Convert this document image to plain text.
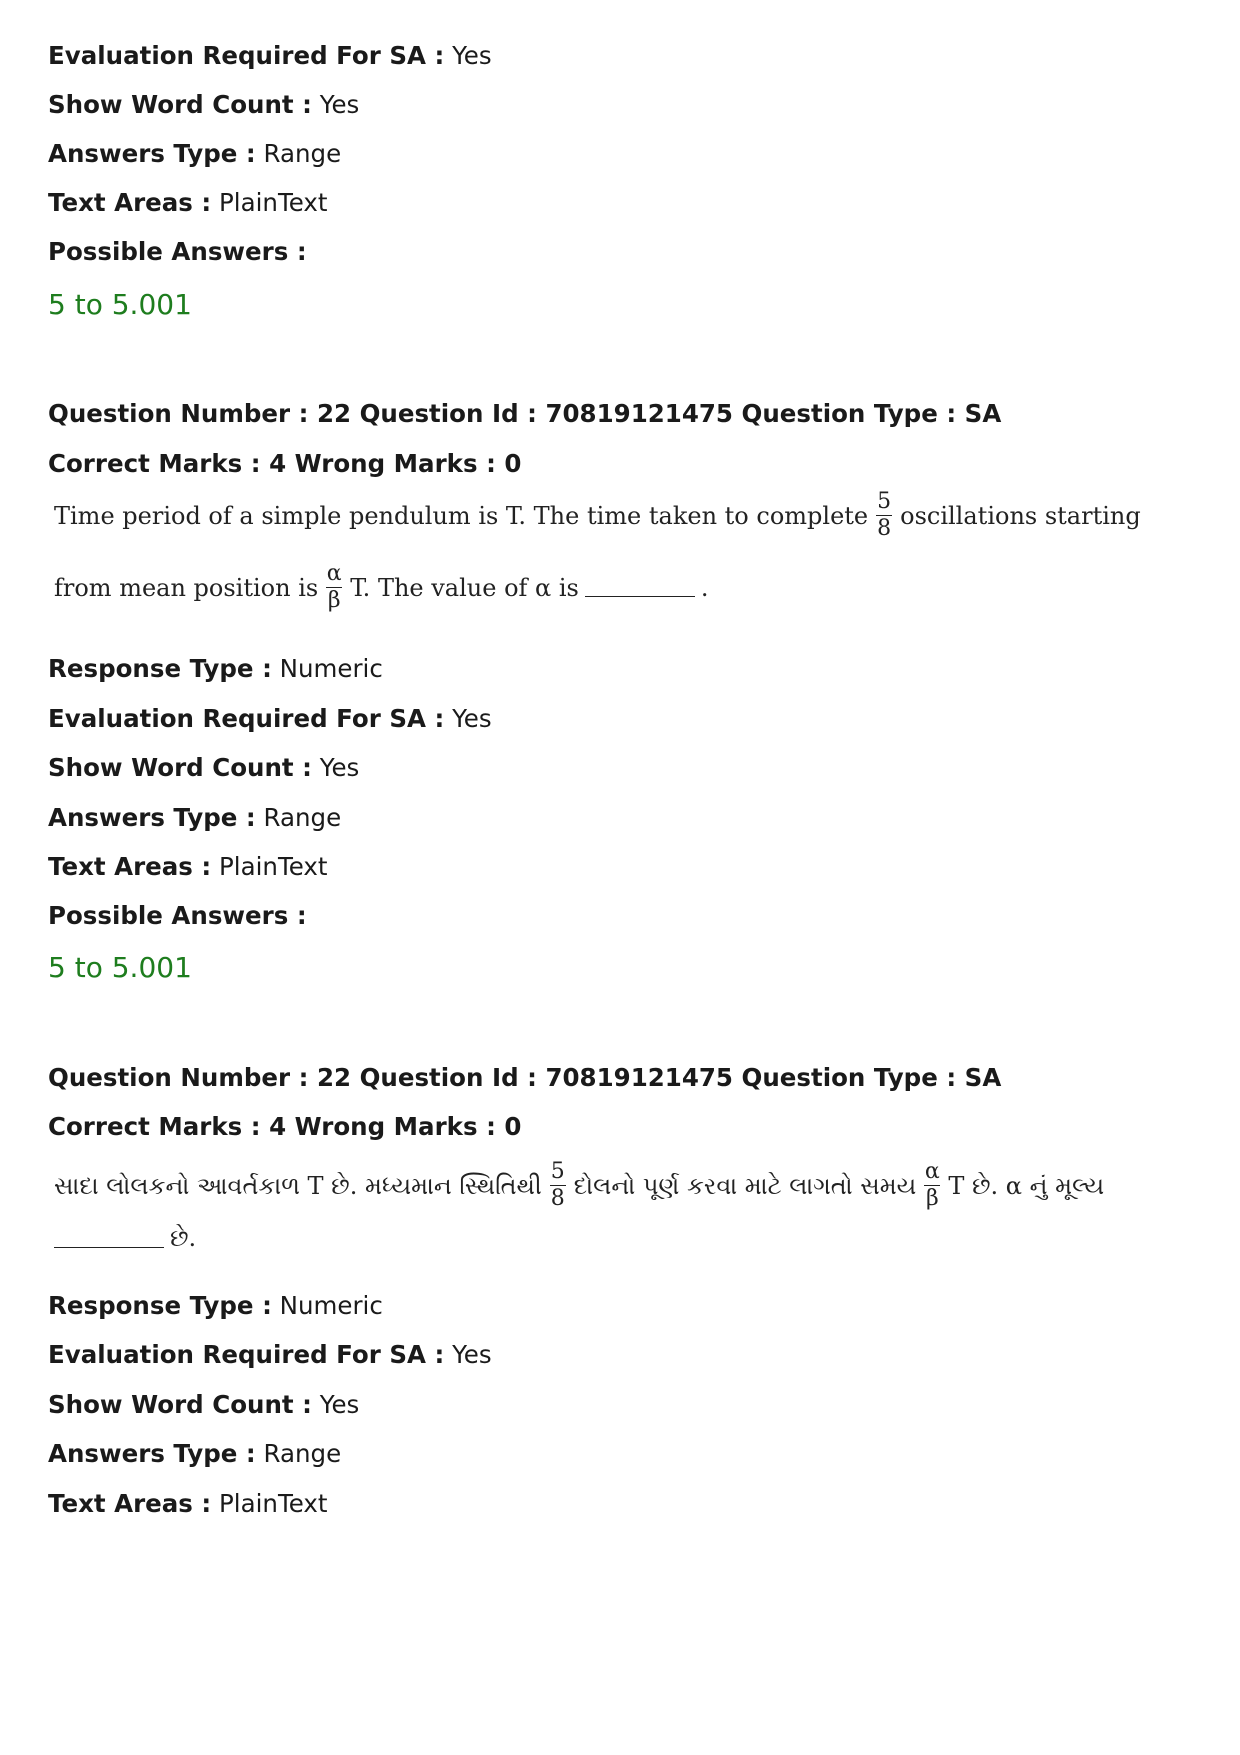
Evaluation Required For SA : Yes
Show Word Count : Yes
Answers Type : Range
Text Areas : PlainText
Possible Answers :
5 to 5.001
Question Number : 22 Question Id : 70819121475 Question Type : SA
Correct Marks : 4 Wrong Marks : 0
Time period of a simple pendulum is T. The time taken to complete $\frac{5}{8}$ oscillations starting
from mean position is $\frac{\alpha}{\beta} T$. The value of α is	.
Response Type : Numeric
Evaluation Required For SA : Yes
Show Word Count : Yes
Answers Type : Range
Text Areas : PlainText
Possible Answers :
5 to 5.001
Question Number : 22 Question Id : 70819121475 Question Type : SA
Correct Marks : 4 Wrong Marks : 0
સાદા લોલકનો આવર્તકાળ T છે. મધ્યમાન સ્થિતિથી $\frac{5}{8}$ દોલનો પૂર્ણ કરવા માટે લાગતો સમય $\frac{\alpha}{\beta}$ T છે. α નું મૂલ્ય
છે.
Response Type : Numeric
Evaluation Required For SA : Yes
Show Word Count : Yes
Answers Type : Range
Text Areas : PlainText
